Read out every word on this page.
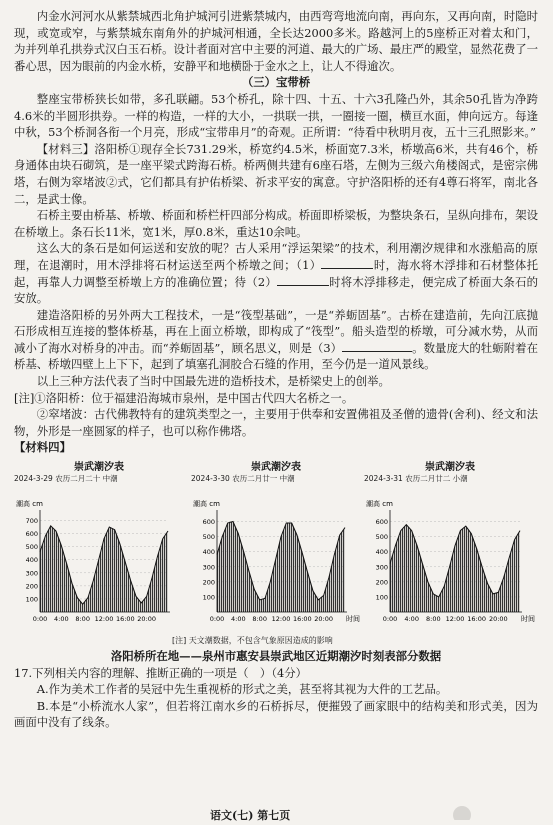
内金水河河水从紫禁城西北角护城河引进紫禁城内，由西弯弯地流向南，再向东，又再向南，时隐时现，或宽或窄，与紫禁城东南角外的护城河相通，全长达2000多米。路越河上的5座桥正对着太和门，为并列单孔拱券式汉白玉石桥。设计者面对宫中主要的河道、最大的广场、最庄严的殿堂，显然花费了一番心思，因为眼前的内金水桥，安静平和地横卧于金水之上，让人不得逾次。

（三）宝带桥

整座宝带桥狭长如带，多孔联翩。53个桥孔，除十四、十五、十六3孔隆凸外，其余50孔皆为净跨4.6米的半圆形拱券。一样的构造，一样的大小，一拱联一拱，一圈接一圈，横亘水面，伸向远方。每逢中秋，53个桥洞各衔一个月亮，形成“宝带串月”的奇观。正所谓：“待看中秋明月夜，五十三孔照影来。”

【材料三】洛阳桥①现存全长731.29米，桥宽约4.5米，桥面宽7.3米，桥墩高6米，共有46个，桥身通体由块石砌筑，是一座平梁式跨海石桥。桥两侧共建有6座石塔，左侧为三级六角楼阁式，是密宗佛塔，右侧为窣堵波②式，它们都具有护佑桥梁、祈求平安的寓意。守护洛阳桥的还有4尊石将军，南北各二，是武士像。

石桥主要由桥基、桥墩、桥面和桥栏杆四部分构成。桥面即桥梁板，为整块条石，呈纵向排布，架设在桥墩上。条石长11米，宽1米，厚0.8米，重达10余吨。

这么大的条石是如何运送和安放的呢？古人采用“浮运架梁”的技术，利用潮汐规律和水涨船高的原理，在退潮时，用木浮排将石材运送至两个桥墩之间；（1）	时，海水将木浮排和石材整体托起，再靠人力调整至桥墩上方的准确位置；待（2）	时将木浮排移走，便完成了桥面大条石的安放。

建造洛阳桥的另外两大工程技术，一是“筏型基础”，一是“养蛎固基”。古桥在建造前，先向江底抛石形成相互连接的整体桥基，再在上面立桥墩，即构成了“筏型”。船头造型的桥墩，可分减水势，从而减小了海水对桥身的冲击。而“养蛎固基”，顾名思义，则是（3）	。数量庞大的牡蛎附着在桥基、桥墩四壁上上下下，起到了填塞孔洞胶合石缝的作用，至今仍是一道风景线。

以上三种方法代表了当时中国最先进的造桥技术，是桥梁史上的创举。

[注]①洛阳桥：位于福建沿海城市泉州，是中国古代四大名桥之一。

②窣堵波：古代佛教特有的建筑类型之一，主要用于供奉和安置佛祖及圣僧的遗骨(舍利)、经文和法物，外形是一座圆冢的样子，也可以称作佛塔。

【材料四】

崇武潮汐表
2024-3-29 农历二月二十 中潮
潮高 cm
700
600
500
400
300
200
100
0:00 4:00 8:00 12:00 16:00 20:00
崇武潮汐表
2024-3-30 农历二月廿一 中潮
潮高 cm
600
500
400
300
200
100
0:00 4:00 8:00 12:00 16:00 20:00 时间
崇武潮汐表
2024-3-31 农历二月廿二 小潮
潮高 cm
600
500
400
300
200
100
0:00 4:00 8:00 12:00 16:00 20:00 时间
[注] 天文潮数据，不包含气象原因造成的影响

洛阳桥所在地——泉州市惠安县崇武地区近期潮汐时刻表部分数据

17.下列相关内容的理解、推断正确的一项是（　）（4分）

A.作为美术工作者的吴冠中先生重视桥的形式之美，甚至将其视为大件的工艺品。

B.本是“小桥流水人家”，但若将江南水乡的石桥拆尽，便摧毁了画家眼中的结构美和形式美，因为画面中没有了线条。

语文(七) 第七页
